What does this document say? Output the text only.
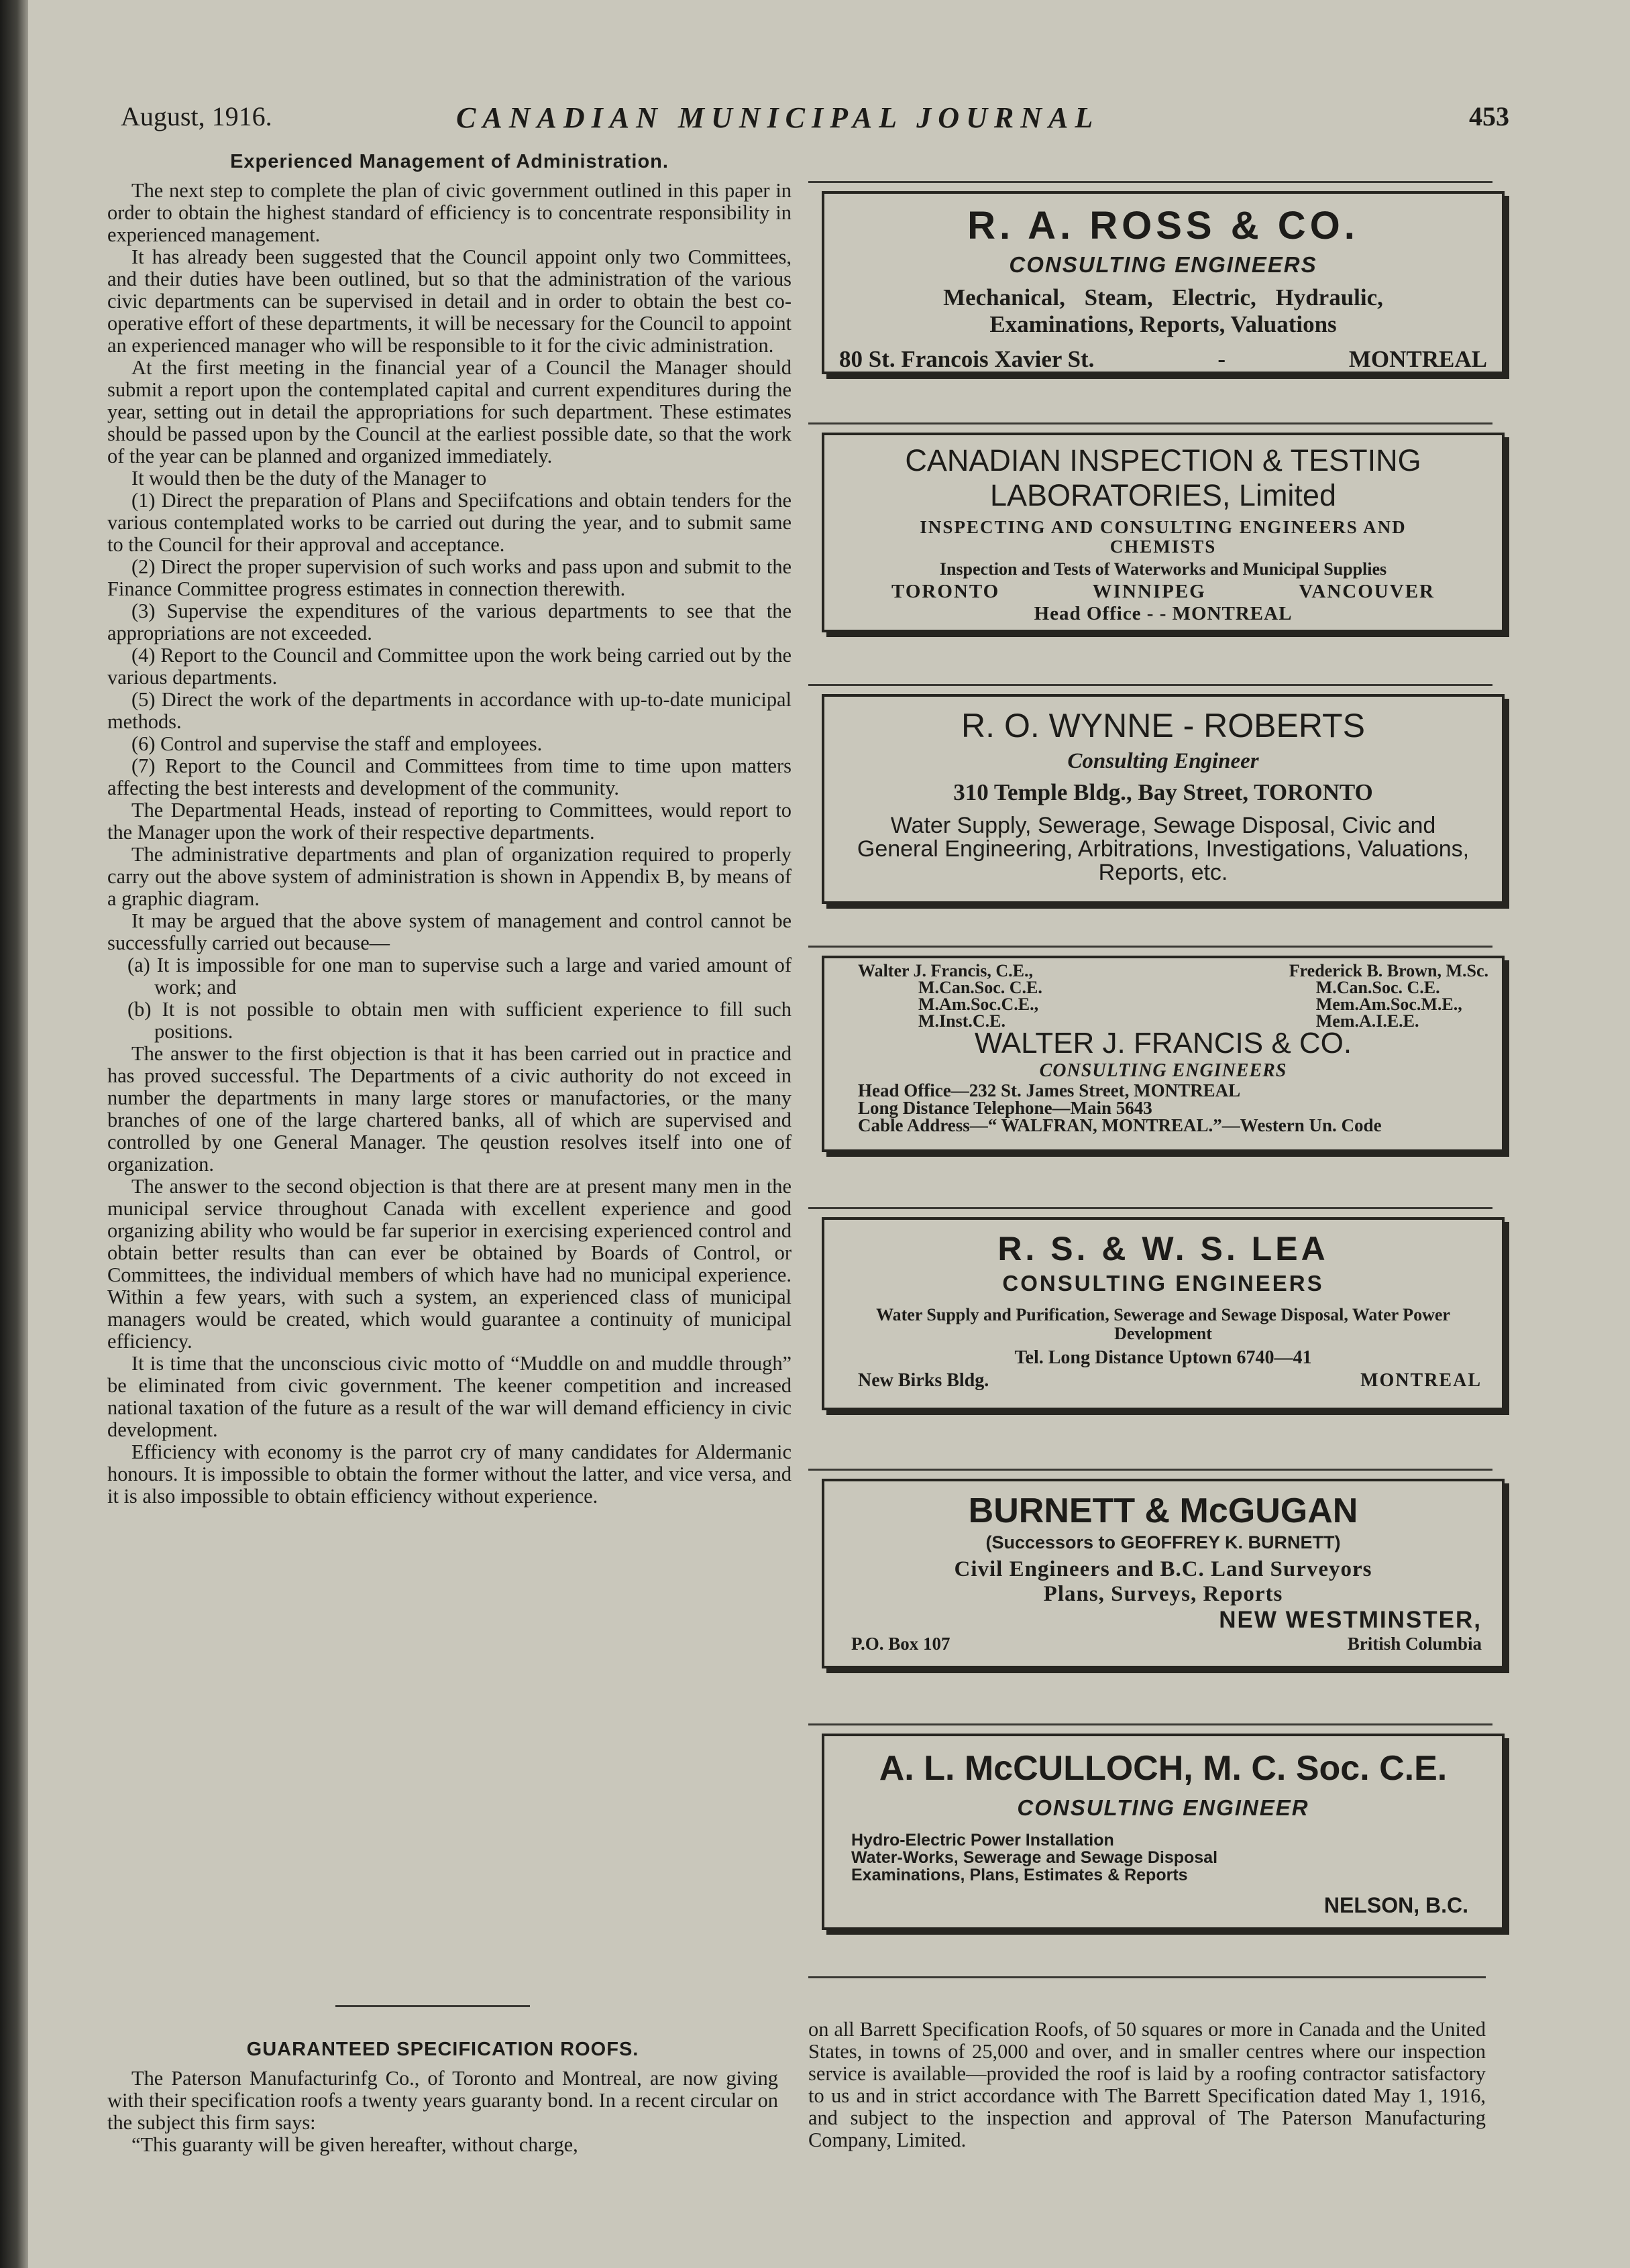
August, 1916.	CANADIAN MUNICIPAL JOURNAL	453
Experienced Management of Administration.

The next step to complete the plan of civic government outlined in this paper in order to obtain the highest standard of efficiency is to concentrate responsibility in experienced management.

It has already been suggested that the Council appoint only two Committees, and their duties have been outlined, but so that the administration of the various civic departments can be supervised in detail and in order to obtain the best co-operative effort of these departments, it will be necessary for the Council to appoint an experienced manager who will be responsible to it for the civic administration.

At the first meeting in the financial year of a Council the Manager should submit a report upon the contemplated capital and current expenditures during the year, setting out in detail the appropriations for such department. These estimates should be passed upon by the Council at the earliest possible date, so that the work of the year can be planned and organized immediately.

It would then be the duty of the Manager to

(1) Direct the preparation of Plans and Speciifcations and obtain tenders for the various contemplated works to be carried out during the year, and to submit same to the Council for their approval and acceptance.

(2) Direct the proper supervision of such works and pass upon and submit to the Finance Committee progress estimates in connection therewith.

(3) Supervise the expenditures of the various departments to see that the appropriations are not exceeded.

(4) Report to the Council and Committee upon the work being carried out by the various departments.

(5) Direct the work of the departments in accordance with up-to-date municipal methods.

(6) Control and supervise the staff and employees.

(7) Report to the Council and Committees from time to time upon matters affecting the best interests and development of the community.

The Departmental Heads, instead of reporting to Committees, would report to the Manager upon the work of their respective departments.

The administrative departments and plan of organization required to properly carry out the above system of administration is shown in Appendix B, by means of a graphic diagram.

It may be argued that the above system of management and control cannot be successfully carried out because—

(a) It is impossible for one man to supervise such a large and varied amount of work; and

(b) It is not possible to obtain men with sufficient experience to fill such positions.

The answer to the first objection is that it has been carried out in practice and has proved successful. The Departments of a civic authority do not exceed in number the departments in many large stores or manufactories, or the many branches of one of the large chartered banks, all of which are supervised and controlled by one General Manager. The qeustion resolves itself into one of organization.

The answer to the second objection is that there are at present many men in the municipal service throughout Canada with excellent experience and good organizing ability who would be far superior in exercising experienced control and obtain better results than can ever be obtained by Boards of Control, or Committees, the individual members of which have had no municipal experience. Within a few years, with such a system, an experienced class of municipal managers would be created, which would guarantee a continuity of municipal efficiency.

It is time that the unconscious civic motto of “Muddle on and muddle through” be eliminated from civic government. The keener competition and increased national taxation of the future as a result of the war will demand efficiency in civic development.

Efficiency with economy is the parrot cry of many candidates for Aldermanic honours. It is impossible to obtain the former without the latter, and vice versa, and it is also impossible to obtain efficiency without experience.

GUARANTEED SPECIFICATION ROOFS.

The Paterson Manufacturinfg Co., of Toronto and Montreal, are now giving with their specification roofs a twenty years guaranty bond. In a recent circular on the subject this firm says:

“This guaranty will be given hereafter, without charge,

on all Barrett Specification Roofs, of 50 squares or more in Canada and the United States, in towns of 25,000 and over, and in smaller centres where our inspection service is available—provided the roof is laid by a roofing contractor satisfactory to us and in strict accordance with The Barrett Specification dated May 1, 1916, and subject to the inspection and approval of The Paterson Manufacturing Company, Limited.

R. A. ROSS & CO.
CONSULTING ENGINEERS
Mechanical, Steam, Electric, Hydraulic,
Examinations, Reports, Valuations
80 St. Francois Xavier St.	-	MONTREAL
CANADIAN INSPECTION & TESTING
LABORATORIES, Limited
INSPECTING AND CONSULTING ENGINEERS AND
CHEMISTS
Inspection and Tests of Waterworks and Municipal Supplies
TORONTO	WINNIPEG	VANCOUVER
Head Office - - MONTREAL
R. O. WYNNE - ROBERTS
Consulting Engineer
310 Temple Bldg., Bay Street, TORONTO
Water Supply, Sewerage, Sewage Disposal, Civic and General Engineering, Arbitrations, Investigations, Valuations, Reports, etc.
Walter J. Francis, C.E.,
M.Can.Soc. C.E.
M.Am.Soc.C.E.,
M.Inst.C.E.
Frederick B. Brown, M.Sc.
M.Can.Soc. C.E.
Mem.Am.Soc.M.E.,
Mem.A.I.E.E.
WALTER J. FRANCIS & CO.
CONSULTING ENGINEERS
Head Office—232 St. James Street, MONTREAL
Long Distance Telephone—Main 5643
Cable Address—“ WALFRAN, MONTREAL.”—Western Un. Code
R. S. & W. S. LEA
CONSULTING ENGINEERS
Water Supply and Purification, Sewerage and Sewage Disposal, Water Power Development
Tel. Long Distance Uptown 6740—41
New Birks Bldg.	MONTREAL
BURNETT & McGUGAN
(Successors to GEOFFREY K. BURNETT)
Civil Engineers and B.C. Land Surveyors
Plans, Surveys, Reports
NEW WESTMINSTER,
P.O. Box 107	British Columbia
A. L. McCULLOCH, M. C. Soc. C.E.
CONSULTING ENGINEER
Hydro-Electric Power Installation
Water-Works, Sewerage and Sewage Disposal
Examinations, Plans, Estimates & Reports
NELSON, B.C.
